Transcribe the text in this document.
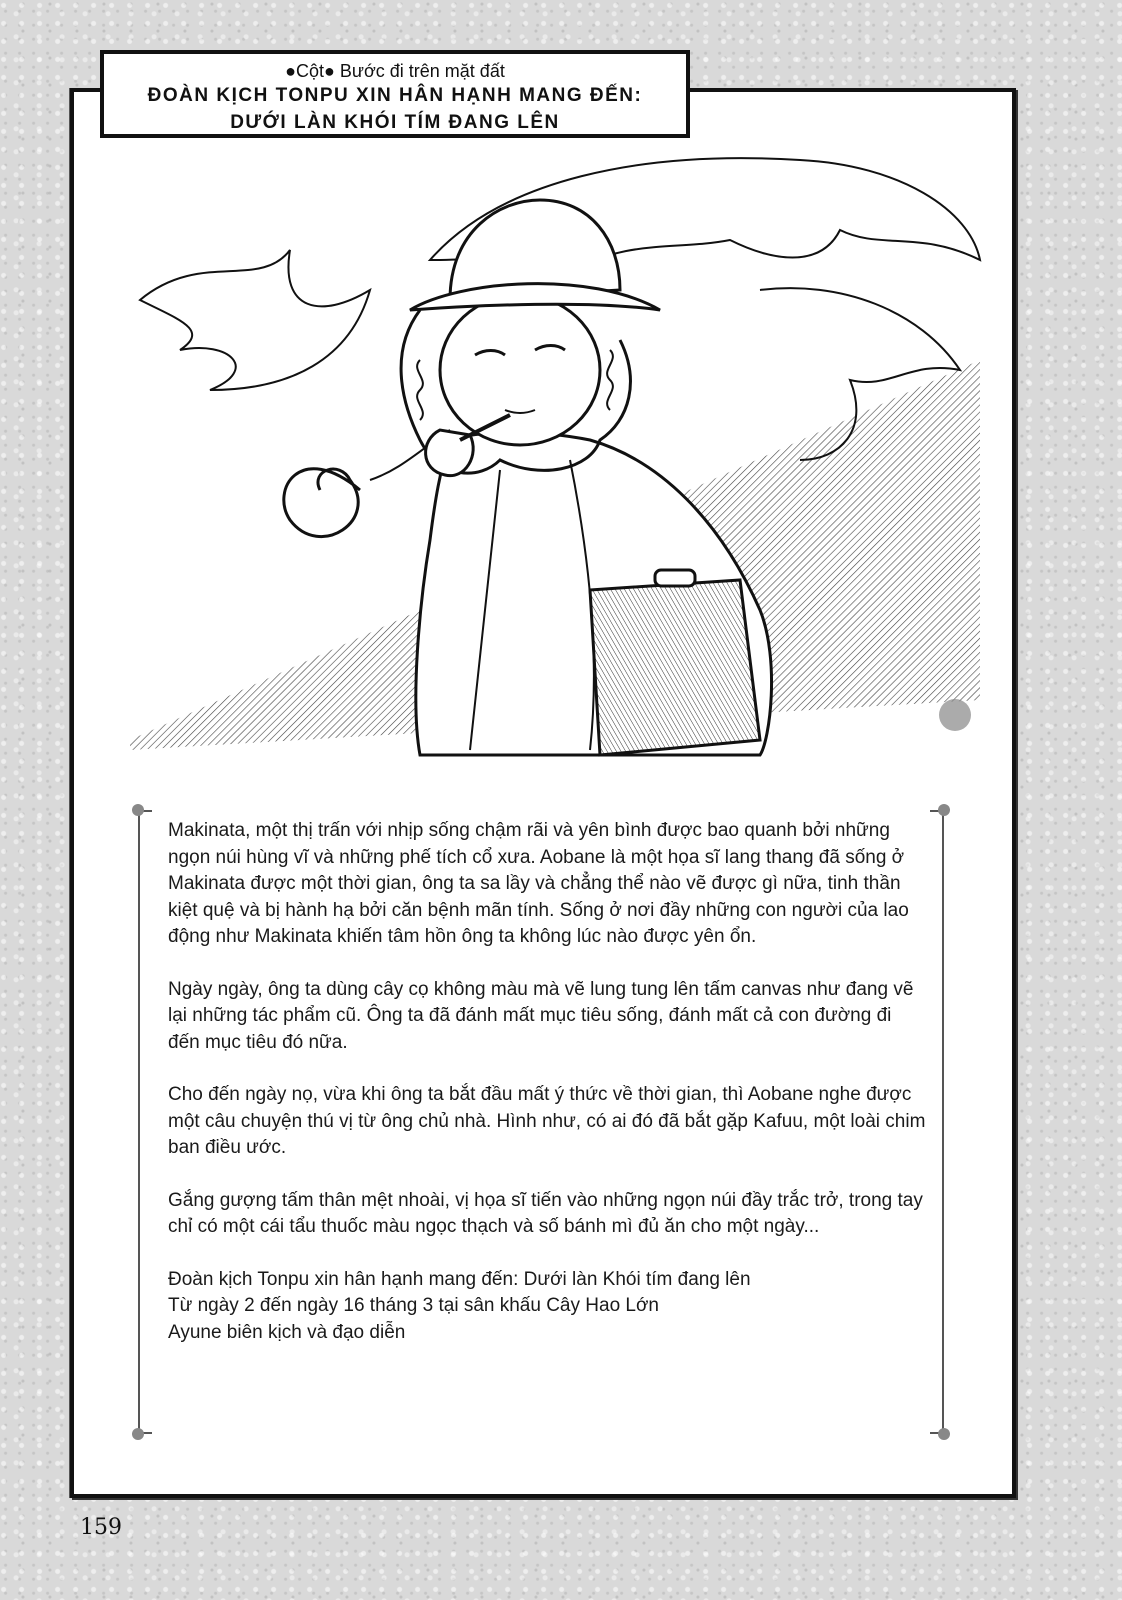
●Cột● Bước đi trên mặt đất
ĐOÀN KỊCH TONPU XIN HÂN HẠNH MANG ĐẾN:
DƯỚI LÀN KHÓI TÍM ĐANG LÊN

Makinata, một thị trấn với nhịp sống chậm rãi và yên bình được bao quanh bởi những ngọn núi hùng vĩ và những phế tích cổ xưa. Aobane là một họa sĩ lang thang đã sống ở Makinata được một thời gian, ông ta sa lầy và chẳng thể nào vẽ được gì nữa, tinh thần kiệt quệ và bị hành hạ bởi căn bệnh mãn tính. Sống ở nơi đầy những con người của lao động như Makinata khiến tâm hồn ông ta không lúc nào được yên ổn.

Ngày ngày, ông ta dùng cây cọ không màu mà vẽ lung tung lên tấm canvas như đang vẽ lại những tác phẩm cũ. Ông ta đã đánh mất mục tiêu sống, đánh mất cả con đường đi đến mục tiêu đó nữa.

Cho đến ngày nọ, vừa khi ông ta bắt đầu mất ý thức về thời gian, thì Aobane nghe được một câu chuyện thú vị từ ông chủ nhà. Hình như, có ai đó đã bắt gặp Kafuu, một loài chim ban điều ước.

Gắng gượng tấm thân mệt nhoài, vị họa sĩ tiến vào những ngọn núi đầy trắc trở, trong tay chỉ có một cái tẩu thuốc màu ngọc thạch và số bánh mì đủ ăn cho một ngày...

Đoàn kịch Tonpu xin hân hạnh mang đến: Dưới làn Khói tím đang lên
Từ ngày 2 đến ngày 16 tháng 3 tại sân khấu Cây Hao Lớn
Ayune biên kịch và đạo diễn
159
